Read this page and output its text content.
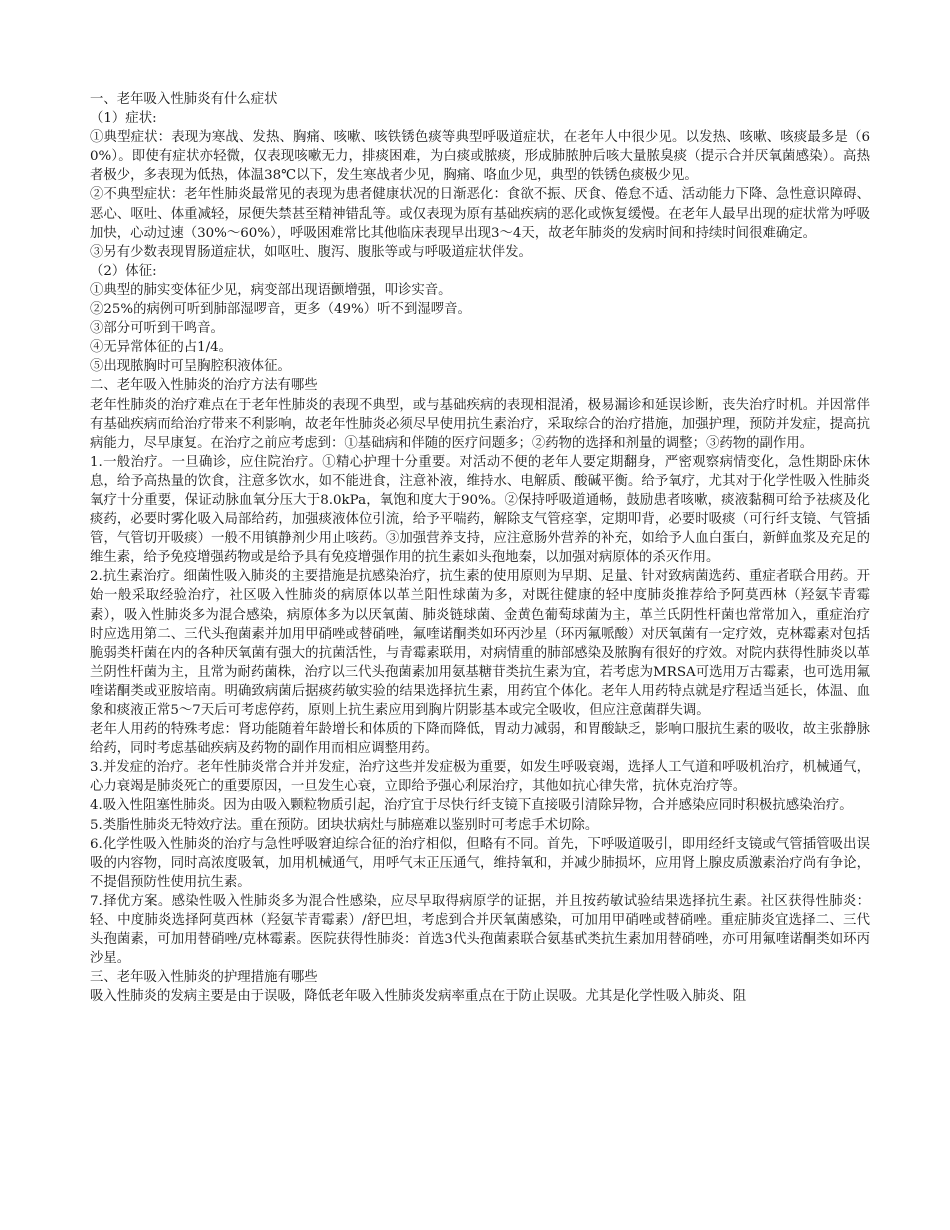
一、老年吸入性肺炎有什么症状
（1）症状:
①典型症状：表现为寒战、发热、胸痛、咳嗽、咳铁锈色痰等典型呼吸道症状，在老年人中很少见。以发热、咳嗽、咳痰最多是（60%）。即使有症状亦轻微，仅表现咳嗽无力，排痰困难，为白痰或脓痰，形成肺脓肿后咳大量脓臭痰（提示合并厌氧菌感染）。高热者极少，多表现为低热，体温38℃以下，发生寒战者少见，胸痛、咯血少见，典型的铁锈色痰极少见。
②不典型症状：老年性肺炎最常见的表现为患者健康状况的日渐恶化：食欲不振、厌食、倦怠不适、活动能力下降、急性意识障碍、恶心、呕吐、体重减轻，尿便失禁甚至精神错乱等。或仅表现为原有基础疾病的恶化或恢复缓慢。在老年人最早出现的症状常为呼吸加快，心动过速（30%～60%），呼吸困难常比其他临床表现早出现3～4天，故老年肺炎的发病时间和持续时间很难确定。
③另有少数表现胃肠道症状，如呕吐、腹泻、腹胀等或与呼吸道症状伴发。
（2）体征:
①典型的肺实变体征少见，病变部出现语颤增强，叩诊实音。
②25%的病例可听到肺部湿啰音，更多（49%）听不到湿啰音。
③部分可听到干鸣音。
④无异常体征的占1/4。
⑤出现脓胸时可呈胸腔积液体征。
二、老年吸入性肺炎的治疗方法有哪些
老年性肺炎的治疗难点在于老年性肺炎的表现不典型，或与基础疾病的表现相混淆，极易漏诊和延误诊断，丧失治疗时机。并因常伴有基础疾病而给治疗带来不利影响，故老年性肺炎必须尽早使用抗生素治疗，采取综合的治疗措施，加强护理，预防并发症，提高抗病能力，尽早康复。在治疗之前应考虑到：①基础病和伴随的医疗问题多；②药物的选择和剂量的调整；③药物的副作用。
1.一般治疗。一旦确诊，应住院治疗。①精心护理十分重要。对活动不便的老年人要定期翻身，严密观察病情变化，急性期卧床休息，给予高热量的饮食，注意多饮水，如不能进食，注意补液，维持水、电解质、酸碱平衡。给予氧疗，尤其对于化学性吸入性肺炎氧疗十分重要，保证动脉血氧分压大于8.0kPa，氧饱和度大于90%。②保持呼吸道通畅，鼓励患者咳嗽，痰液黏稠可给予祛痰及化痰药，必要时雾化吸入局部给药，加强痰液体位引流，给予平喘药，解除支气管痉挛，定期叩背，必要时吸痰（可行纤支镜、气管插管，气管切开吸痰）一般不用镇静剂少用止咳药。③加强营养支持，应注意肠外营养的补充，如给予人血白蛋白，新鲜血浆及充足的维生素，给予免疫增强药物或是给予具有免疫增强作用的抗生素如头孢地秦，以加强对病原体的杀灭作用。
2.抗生素治疗。细菌性吸入肺炎的主要措施是抗感染治疗，抗生素的使用原则为早期、足量、针对致病菌选药、重症者联合用药。开始一般采取经验治疗，社区吸入性肺炎的病原体以革兰阳性球菌为多，对既往健康的轻中度肺炎推荐给予阿莫西林（羟氨苄青霉素），吸入性肺炎多为混合感染，病原体多为以厌氧菌、肺炎链球菌、金黄色葡萄球菌为主，革兰氏阴性杆菌也常常加入，重症治疗时应选用第二、三代头孢菌素并加用甲硝唑或替硝唑，氟喹诺酮类如环丙沙星（环丙氟哌酸）对厌氧菌有一定疗效，克林霉素对包括脆弱类杆菌在内的各种厌氧菌有强大的抗菌活性，与青霉素联用，对病情重的肺部感染及脓胸有很好的疗效。对院内获得性肺炎以革兰阴性杆菌为主，且常为耐药菌株，治疗以三代头孢菌素加用氨基糖苷类抗生素为宜，若考虑为MRSA可选用万古霉素，也可选用氟喹诺酮类或亚胺培南。明确致病菌后据痰药敏实验的结果选择抗生素，用药宜个体化。老年人用药特点就是疗程适当延长，体温、血象和痰液正常5～7天后可考虑停药，原则上抗生素应用到胸片阴影基本或完全吸收，但应注意菌群失调。
老年人用药的特殊考虑：肾功能随着年龄增长和体质的下降而降低，胃动力减弱，和胃酸缺乏，影响口服抗生素的吸收，故主张静脉给药，同时考虑基础疾病及药物的副作用而相应调整用药。
3.并发症的治疗。老年性肺炎常合并并发症，治疗这些并发症极为重要，如发生呼吸衰竭，选择人工气道和呼吸机治疗，机械通气，心力衰竭是肺炎死亡的重要原因，一旦发生心衰，立即给予强心利尿治疗，其他如抗心律失常，抗休克治疗等。
4.吸入性阻塞性肺炎。因为由吸入颗粒物质引起，治疗宜于尽快行纤支镜下直接吸引清除异物，合并感染应同时积极抗感染治疗。
5.类脂性肺炎无特效疗法。重在预防。团块状病灶与肺癌难以鉴别时可考虑手术切除。
6.化学性吸入性肺炎的治疗与急性呼吸窘迫综合征的治疗相似，但略有不同。首先，下呼吸道吸引，即用经纤支镜或气管插管吸出误吸的内容物，同时高浓度吸氧，加用机械通气，用呼气末正压通气，维持氧和，并减少肺损坏，应用肾上腺皮质激素治疗尚有争论，不提倡预防性使用抗生素。
7.择优方案。感染性吸入性肺炎多为混合性感染，应尽早取得病原学的证据，并且按药敏试验结果选择抗生素。社区获得性肺炎：轻、中度肺炎选择阿莫西林（羟氨苄青霉素）/舒巴坦，考虑到合并厌氧菌感染，可加用甲硝唑或替硝唑。重症肺炎宜选择二、三代头孢菌素，可加用替硝唑/克林霉素。医院获得性肺炎：首选3代头孢菌素联合氨基甙类抗生素加用替硝唑，亦可用氟喹诺酮类如环丙沙星。
三、老年吸入性肺炎的护理措施有哪些
吸入性肺炎的发病主要是由于误吸，降低老年吸入性肺炎发病率重点在于防止误吸。尤其是化学性吸入肺炎、阻
